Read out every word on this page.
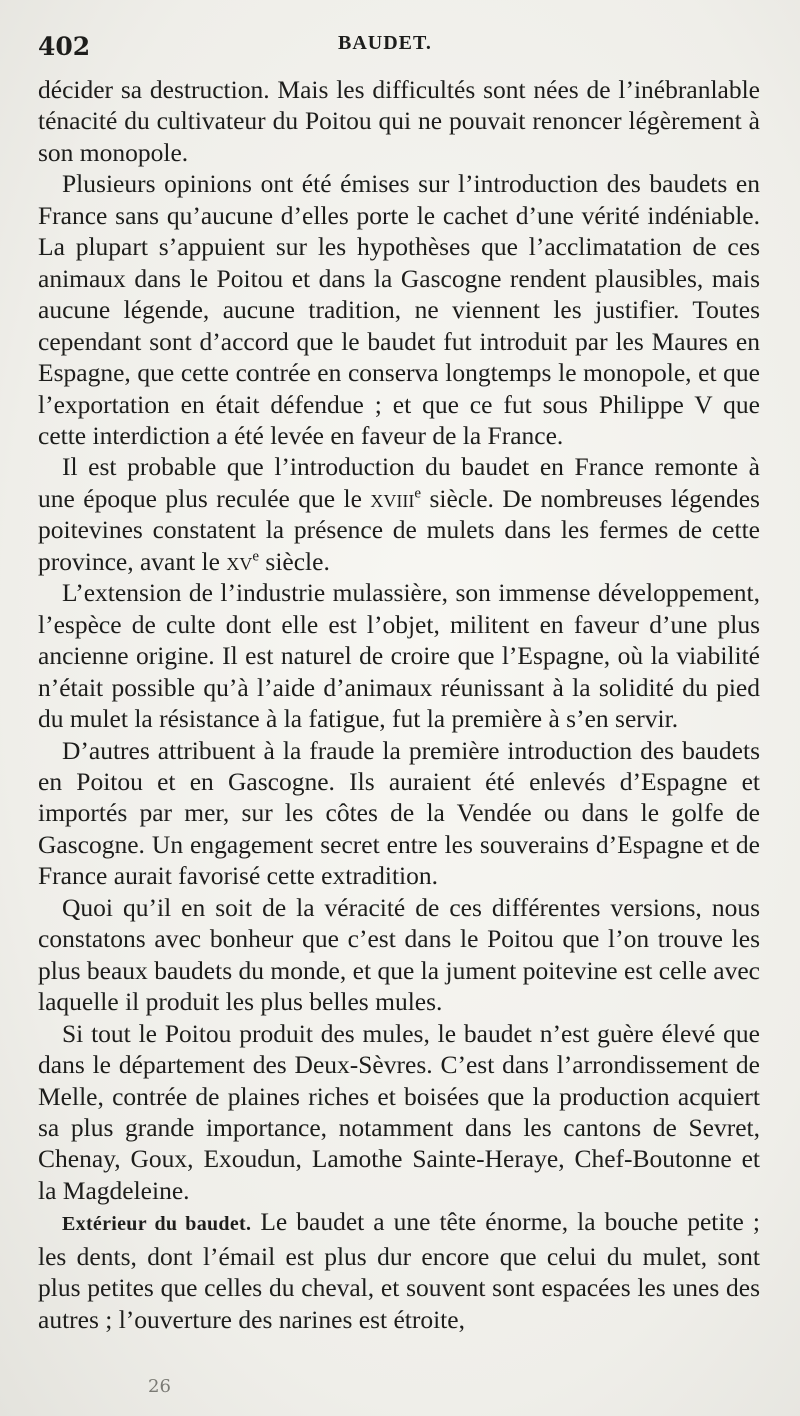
402	BAUDET.

décider sa destruction. Mais les difficultés sont nées de l’inébranlable ténacité du cultivateur du Poitou qui ne pouvait renoncer légèrement à son monopole.

Plusieurs opinions ont été émises sur l’introduction des baudets en France sans qu’aucune d’elles porte le cachet d’une vérité indéniable. La plupart s’appuient sur les hypothèses que l’acclimatation de ces animaux dans le Poitou et dans la Gascogne rendent plausibles, mais aucune légende, aucune tradition, ne viennent les justifier. Toutes cependant sont d’accord que le baudet fut introduit par les Maures en Espagne, que cette contrée en conserva longtemps le monopole, et que l’exportation en était défendue ; et que ce fut sous Philippe V que cette interdiction a été levée en faveur de la France.

Il est probable que l’introduction du baudet en France remonte à une époque plus reculée que le xviii$^e$ siècle. De nombreuses légendes poitevines constatent la présence de mulets dans les fermes de cette province, avant le $xv^e$ siècle.

L’extension de l’industrie mulassière, son immense développement, l’espèce de culte dont elle est l’objet, militent en faveur d’une plus ancienne origine. Il est naturel de croire que l’Espagne, où la viabilité n’était possible qu’à l’aide d’animaux réunissant à la solidité du pied du mulet la résistance à la fatigue, fut la première à s’en servir.

D’autres attribuent à la fraude la première introduction des baudets en Poitou et en Gascogne. Ils auraient été enlevés d’Espagne et importés par mer, sur les côtes de la Vendée ou dans le golfe de Gascogne. Un engagement secret entre les souverains d’Espagne et de France aurait favorisé cette extradition.

Quoi qu’il en soit de la véracité de ces différentes versions, nous constatons avec bonheur que c’est dans le Poitou que l’on trouve les plus beaux baudets du monde, et que la jument poitevine est celle avec laquelle il produit les plus belles mules.

Si tout le Poitou produit des mules, le baudet n’est guère élevé que dans le département des Deux-Sèvres. C’est dans l’arrondissement de Melle, contrée de plaines riches et boisées que la production acquiert sa plus grande importance, notamment dans les cantons de Sevret, Chenay, Goux, Exoudun, Lamothe Sainte-Heraye, Chef-Boutonne et la Magdeleine.

Extérieur du baudet. Le baudet a une tête énorme, la bouche petite ; les dents, dont l’émail est plus dur encore que celui du mulet, sont plus petites que celles du cheval, et souvent sont espacées les unes des autres ; l’ouverture des narines est étroite,

26
